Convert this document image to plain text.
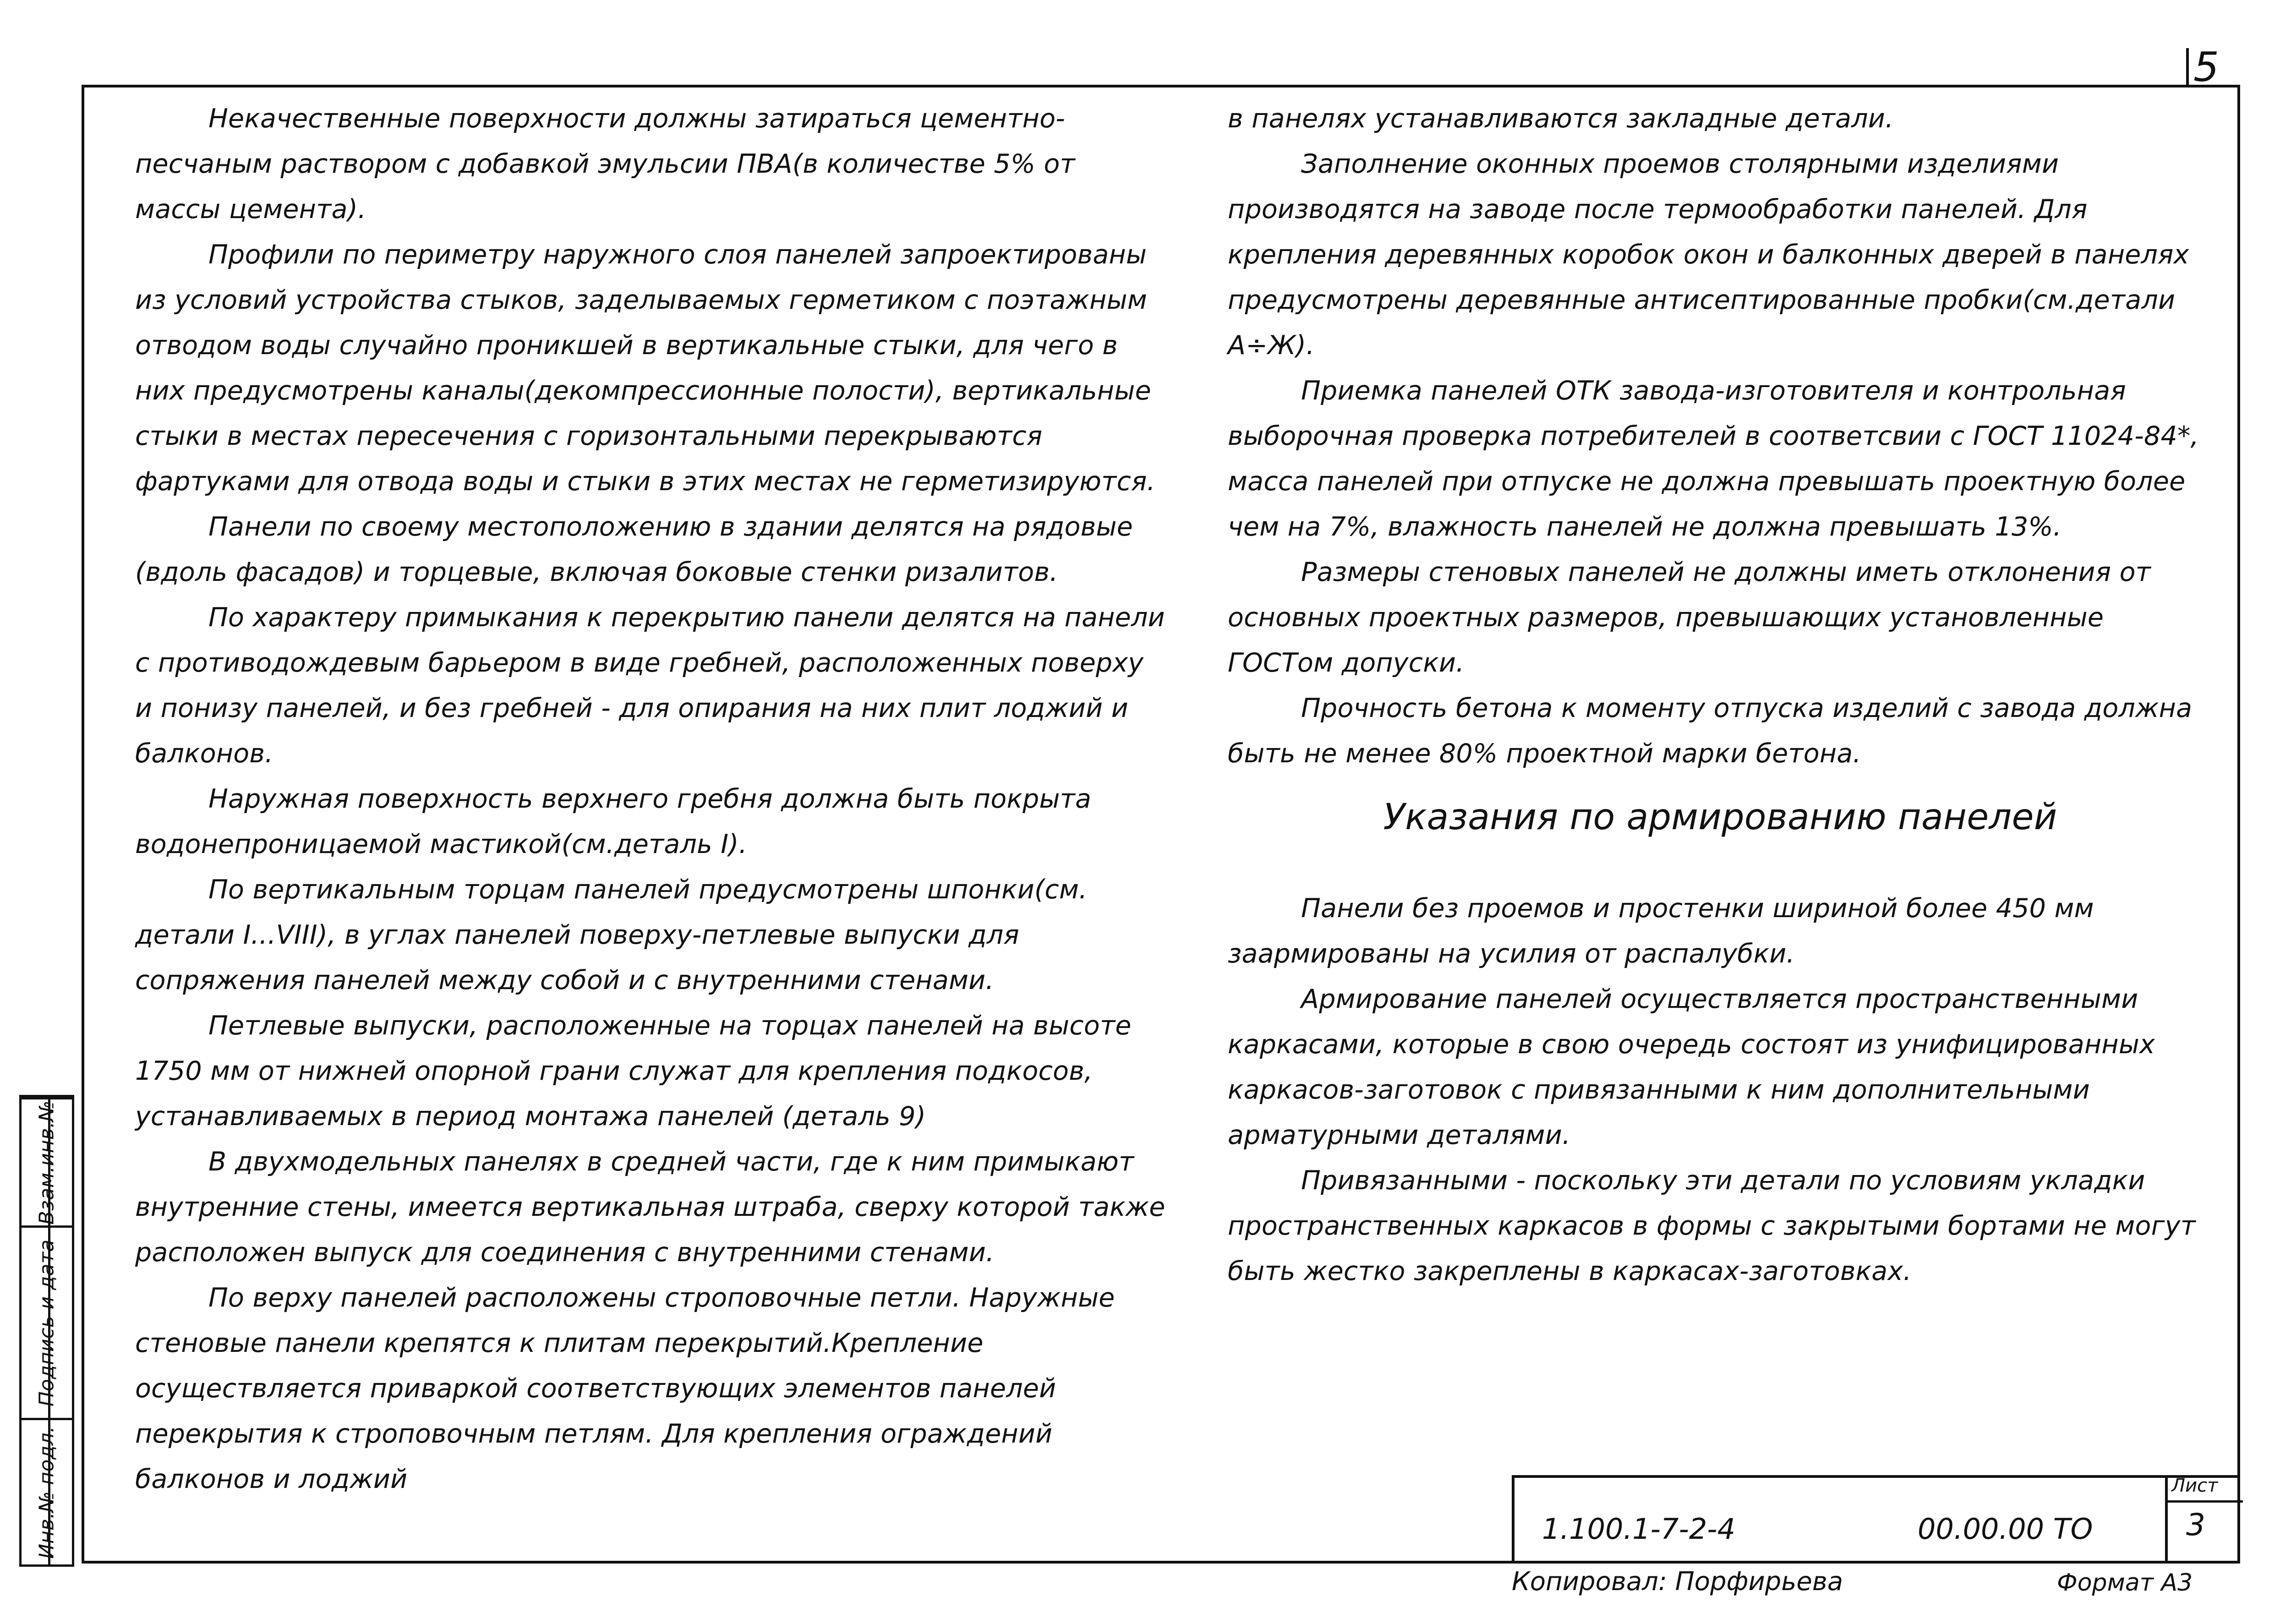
5

Некачественные поверхности должны затираться цементно-песчаным раствором с добавкой эмульсии ПВА(в количестве 5% от массы цемента).

Профили по периметру наружного слоя панелей запроектированы из условий устройства стыков, заделываемых герметиком с поэтажным отводом воды случайно проникшей в вертикальные стыки, для чего в них предусмотрены каналы(декомпрессионные полости), вертикальные стыки в местах пересечения с горизонтальными перекрываются фартуками для отвода воды и стыки в этих местах не герметизируются.

Панели по своему местоположению в здании делятся на рядовые (вдоль фасадов) и торцевые, включая боковые стенки ризалитов.

По характеру примыкания к перекрытию панели делятся на панели с противодождевым барьером в виде гребней, расположенных поверху и понизу панелей, и без гребней - для опирания на них плит лоджий и балконов.

Наружная поверхность верхнего гребня должна быть покрыта водонепроницаемой мастикой(см.деталь I).

По вертикальным торцам панелей предусмотрены шпонки(см. детали I...VIII), в углах панелей поверху-петлевые выпуски для сопряжения панелей между собой и с внутренними стенами.

Петлевые выпуски, расположенные на торцах панелей на высоте 1750 мм от нижней опорной грани служат для крепления подкосов, устанавливаемых в период монтажа панелей (деталь 9)

В двухмодельных панелях в средней части, где к ним примыкают внутренние стены, имеется вертикальная штраба, сверху которой также расположен выпуск для соединения с внутренними стенами.

По верху панелей расположены строповочные петли. Наружные стеновые панели крепятся к плитам перекрытий.Крепление осуществляется приваркой соответствующих элементов панелей перекрытия к строповочным петлям. Для крепления ограждений балконов и лоджий

в панелях устанавливаются закладные детали.

Заполнение оконных проемов столярными изделиями производятся на заводе после термообработки панелей. Для крепления деревянных коробок окон и балконных дверей в панелях предусмотрены деревянные антисептированные пробки(см.детали А÷Ж).

Приемка панелей ОТК завода-изготовителя и контрольная выборочная проверка потребителей в соответсвии с ГОСТ 11024-84*, масса панелей при отпуске не должна превышать проектную более чем на 7%, влажность панелей не должна превышать 13%.

Размеры стеновых панелей не должны иметь отклонения от основных проектных размеров, превышающих установленные ГОСТом допуски.

Прочность бетона к моменту отпуска изделий с завода должна быть не менее 80% проектной марки бетона.

Указания по армированию панелей

Панели без проемов и простенки шириной более 450 мм заармированы на усилия от распалубки.

Армирование панелей осуществляется пространственными каркасами, которые в свою очередь состоят из унифицированных каркасов-заготовок с привязанными к ним дополнительными арматурными деталями.

Привязанными - поскольку эти детали по условиям укладки пространственных каркасов в формы с закрытыми бортами не могут быть жестко закреплены в каркасах-заготовках.

Взам.инв.№
Подпись и дата
Инв.№ подл.	1.100.1-7-2-4	00.00.00 ТО
Лист
3
Копировал: Порфирьева	Формат А3
